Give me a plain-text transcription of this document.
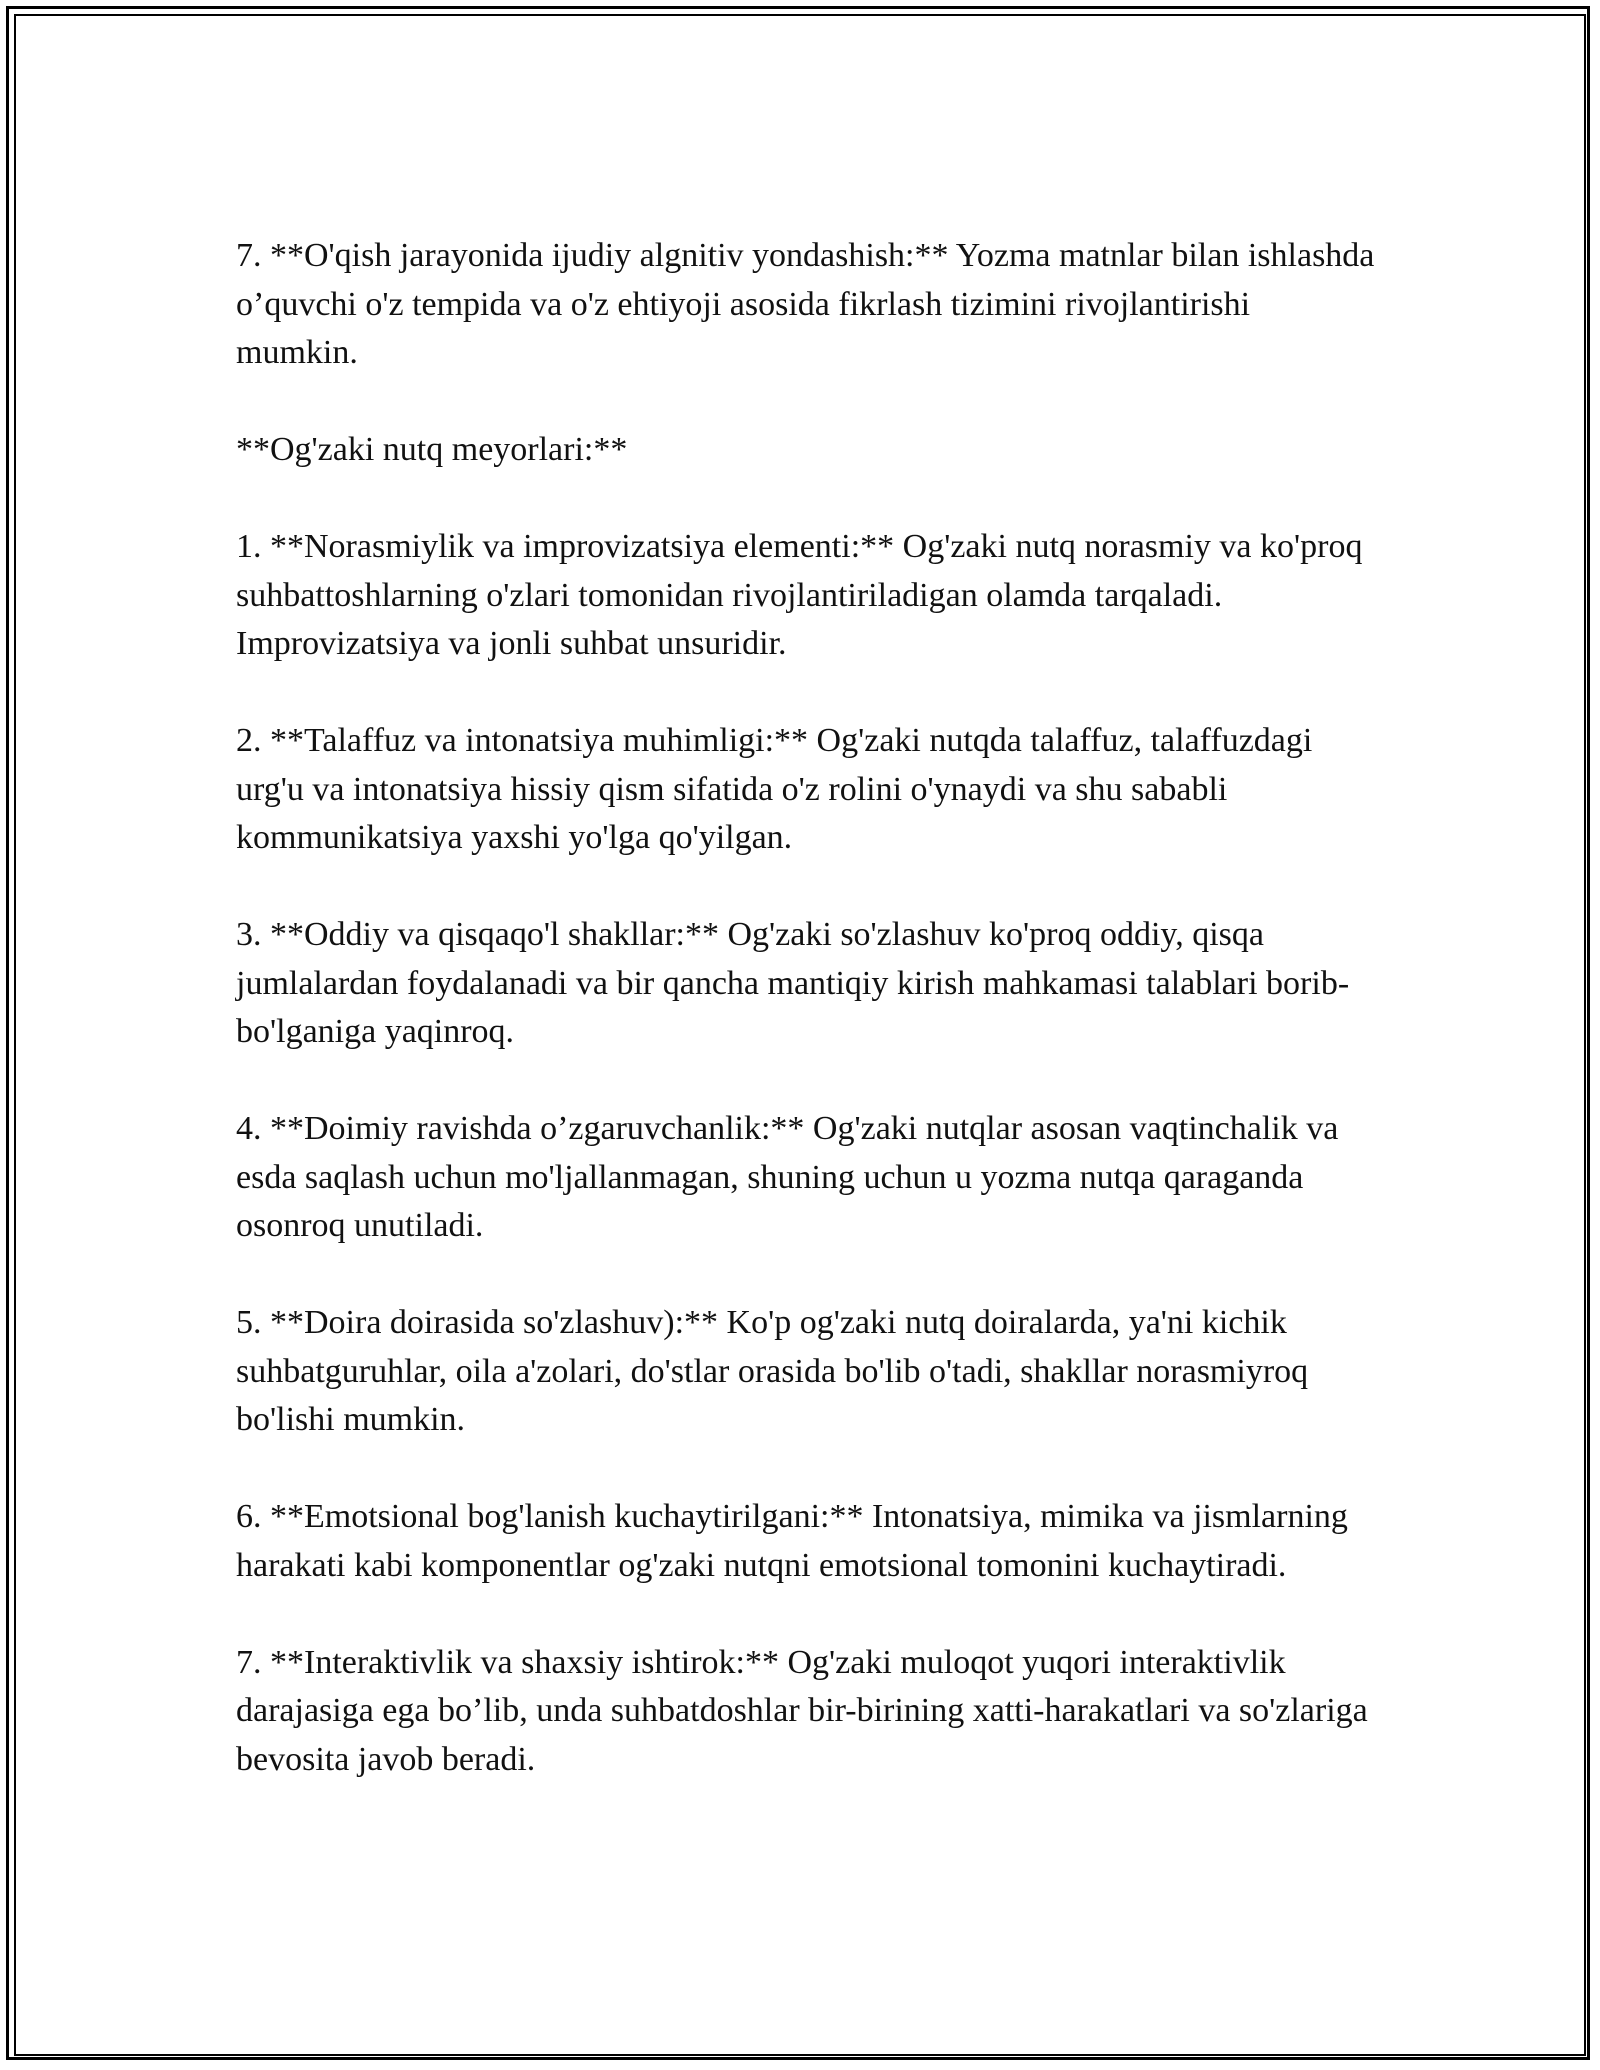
7. **O'qish jarayonida ijudiy algnitiv yondashish:** Yozma matnlar bilan ishlashda o’quvchi o'z tempida va o'z ehtiyoji asosida fikrlash tizimini rivojlantirishi mumkin.

**Og'zaki nutq meyorlari:**

1. **Norasmiylik va improvizatsiya elementi:** Og'zaki nutq norasmiy va ko'proq suhbattoshlarning o'zlari tomonidan rivojlantiriladigan olamda tarqaladi. Improvizatsiya va jonli suhbat unsuridir.

2. **Talaffuz va intonatsiya muhimligi:** Og'zaki nutqda talaffuz, talaffuzdagi urg'u va intonatsiya hissiy qism sifatida o'z rolini o'ynaydi va shu sababli kommunikatsiya yaxshi yo'lga qo'yilgan.

3. **Oddiy va qisqaqo'l shakllar:** Og'zaki so'zlashuv ko'proq oddiy, qisqa jumlalardan foydalanadi va bir qancha mantiqiy kirish mahkamasi talablari borib-bo'lganiga yaqinroq.

4. **Doimiy ravishda o’zgaruvchanlik:** Og'zaki nutqlar asosan vaqtinchalik va esda saqlash uchun mo'ljallanmagan, shuning uchun u yozma nutqa qaraganda osonroq unutiladi.

5. **Doira doirasida so'zlashuv):** Ko'p og'zaki nutq doiralarda, ya'ni kichik suhbatguruhlar, oila a'zolari, do'stlar orasida bo'lib o'tadi, shakllar norasmiyroq bo'lishi mumkin.

6. **Emotsional bog'lanish kuchaytirilgani:** Intonatsiya, mimika va jismlarning harakati kabi komponentlar og'zaki nutqni emotsional tomonini kuchaytiradi.

7. **Interaktivlik va shaxsiy ishtirok:** Og'zaki muloqot yuqori interaktivlik darajasiga ega bo’lib, unda suhbatdoshlar bir-birining xatti-harakatlari va so'zlariga bevosita javob beradi.
